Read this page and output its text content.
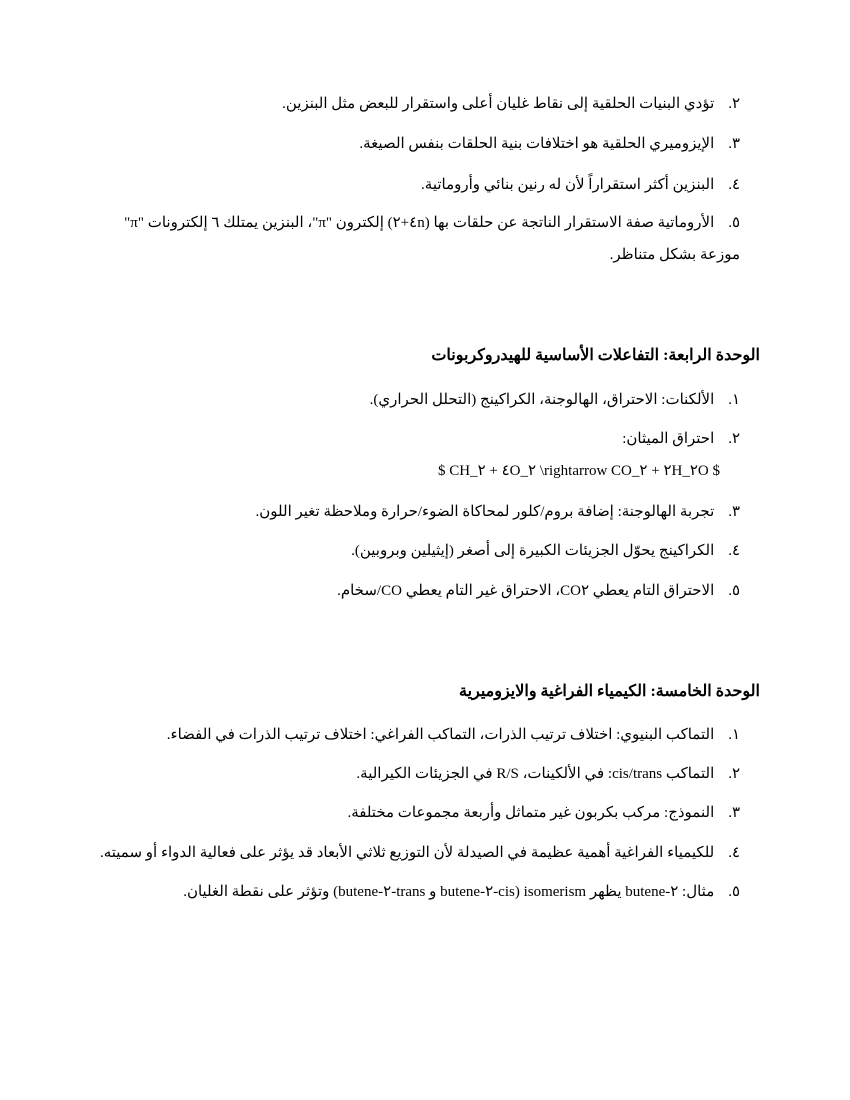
٢. تؤدي البنيات الحلقية إلى نقاط غليان أعلى واستقرار للبعض مثل البنزين.
٣. الإيزوميري الحلقية هو اختلافات بنية الحلقات بنفس الصيغة.
٤. البنزين أكثر استقراراً لأن له رنين بنائي وأروماتية.
٥. الأروماتية صفة الاستقرار الناتجة عن حلقات بها (٤n+٢) إلكترون "π"، البنزين يمتلك ٦ إلكترونات "π" موزعة بشكل متناظر.
الوحدة الرابعة: التفاعلات الأساسية للهيدروكربونات
١. الألكنات: الاحتراق، الهالوجنة، الكراكينج (التحلل الحراري).
٢. احتراق الميثان:
$ CH_٤ + ٢O_٢ \rightarrow CO_٢ + ٢H_٢O $
٣. تجربة الهالوجنة: إضافة بروم/كلور لمحاكاة الضوء/حرارة وملاحظة تغير اللون.
٤. الكراكينج يحوّل الجزيئات الكبيرة إلى أصغر (إيثيلين وبروبين).
٥. الاحتراق التام يعطي CO٢، الاحتراق غير التام يعطي CO/سخام.
الوحدة الخامسة: الكيمياء الفراغية والايزوميرية
١. التماكب البنيوي: اختلاف ترتيب الذرات، التماكب الفراغي: اختلاف ترتيب الذرات في الفضاء.
٢. التماكب cis/trans: في الألكينات، R/S في الجزيئات الكيرالية.
٣. النموذج: مركب بكربون غير متماثل وأربعة مجموعات مختلفة.
٤. للكيمياء الفراغية أهمية عظيمة في الصيدلة لأن التوزيع ثلاثي الأبعاد قد يؤثر على فعالية الدواء أو سميته.
٥. مثال: ٢-butene يظهر isomerism (cis-٢-butene و trans-٢-butene) وتؤثر على نقطة الغليان.
